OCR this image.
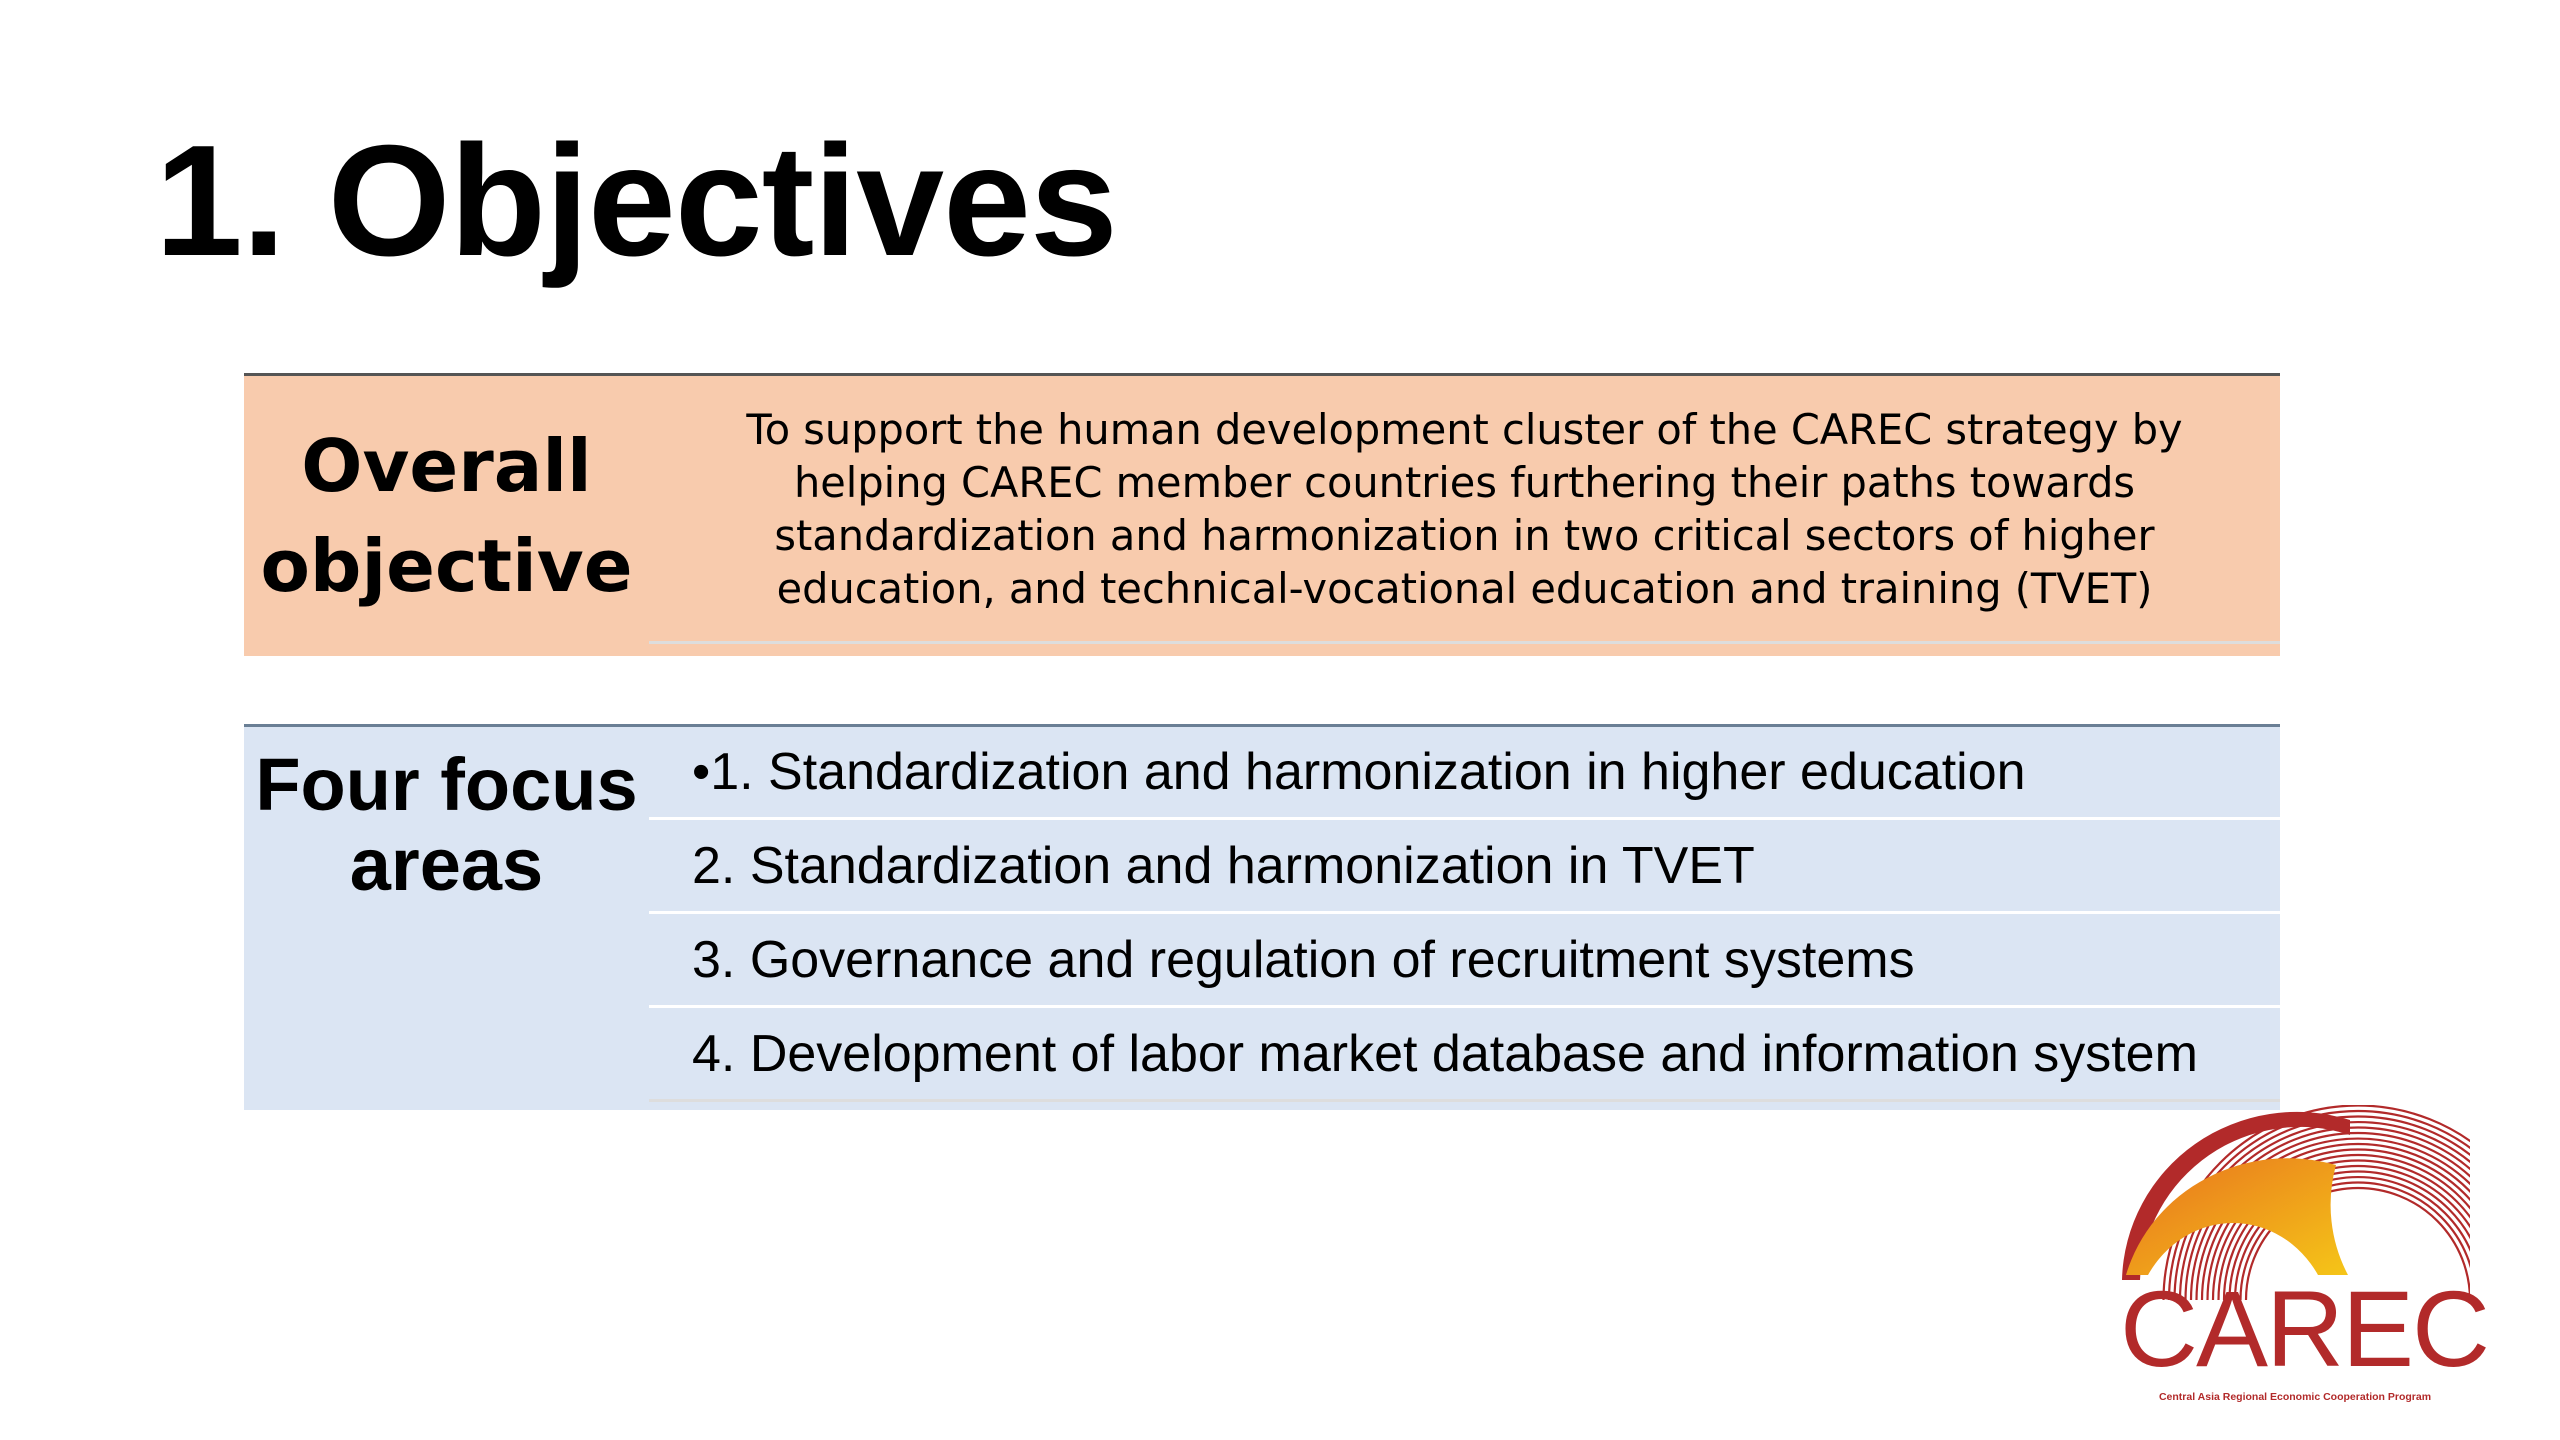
1. Objectives
Overall objective
To support the human development cluster of the CAREC strategy by helping CAREC member countries furthering their paths towards standardization and harmonization in two critical sectors of higher education, and technical-vocational education and training (TVET)
Four focus areas
•1. Standardization and harmonization in higher education
2. Standardization and harmonization in TVET
3. Governance and regulation of recruitment systems
4. Development of labor market database and information system
CAREC
Central Asia Regional Economic Cooperation Program
